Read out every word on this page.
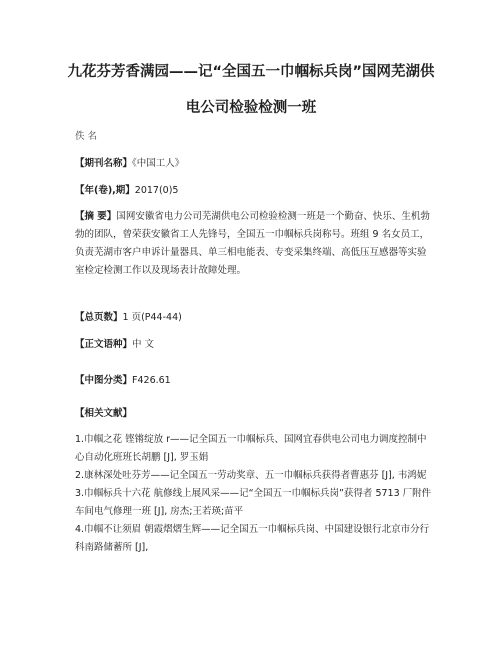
九花芬芳香满园——记“全国五一巾帼标兵岗”国网芜湖供
电公司检验检测一班
佚 名
【期刊名称】《中国工人》
【年(卷),期】2017(0)5
【摘 要】国网安徽省电力公司芜湖供电公司检验检测一班是一个勤奋、快乐、生机勃勃的团队，曾荣获安徽省工人先锋号，全国五一巾帼标兵岗称号。班组 9 名女员工，负责芜湖市客户申诉计量器具、单三相电能表、专变采集终端、高低压互感器等实验室检定检测工作以及现场表计故障处理。
【总页数】1 页(P44-44)
【正文语种】中 文
【中图分类】F426.61
【相关文献】

1.巾帼之花 铿锵绽放 r——记全国五一巾帼标兵、国网宜春供电公司电力调度控制中心自动化班班长胡鹏 [J], 罗玉娟

2.康林深处吐芬芳——记全国五一劳动奖章、五一巾帼标兵获得者曹惠芬 [J], 韦鸿妮

3.巾帼标兵十六花 航修线上展风采——记“全国五一巾帼标兵岗”获得者 5713 厂附件车间电气修理一班 [J], 房杰;王若瑛;苗平

4.巾帼不让须眉 朝霞熠熠生辉——记全国五一巾帼标兵岗、中国建设银行北京市分行科南路储蓄所 [J],
